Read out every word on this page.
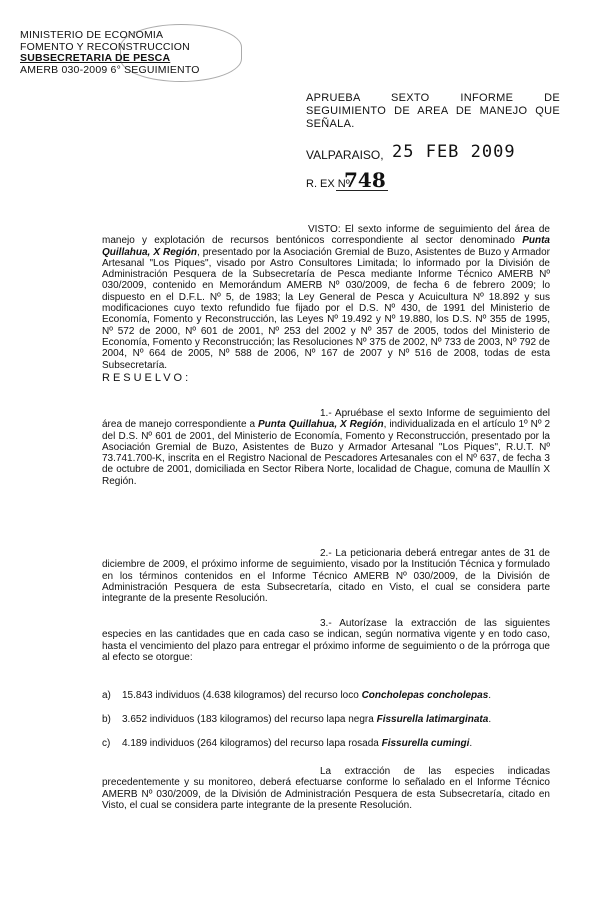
MINISTERIO DE ECONOMIA
FOMENTO Y RECONSTRUCCION
SUBSECRETARIA DE PESCA
AMERB 030-2009 6° SEGUIMIENTO
APRUEBA SEXTO INFORME DE SEGUIMIENTO DE AREA DE MANEJO QUE SEÑALA.
VALPARAISO, 25 FEB 2009
R. EX Nº
748
VISTO: El sexto informe de seguimiento del área de manejo y explotación de recursos bentónicos correspondiente al sector denominado Punta Quillahua, X Región, presentado por la Asociación Gremial de Buzo, Asistentes de Buzo y Armador Artesanal "Los Piques", visado por Astro Consultores Limitada; lo informado por la División de Administración Pesquera de la Subsecretaría de Pesca mediante Informe Técnico AMERB Nº 030/2009, contenido en Memorándum AMERB Nº 030/2009, de fecha 6 de febrero 2009; lo dispuesto en el D.F.L. Nº 5, de 1983; la Ley General de Pesca y Acuicultura Nº 18.892 y sus modificaciones cuyo texto refundido fue fijado por el D.S. Nº 430, de 1991 del Ministerio de Economía, Fomento y Reconstrucción, las Leyes Nº 19.492 y Nº 19.880, los D.S. Nº 355 de 1995, Nº 572 de 2000, Nº 601 de 2001, Nº 253 del 2002 y Nº 357 de 2005, todos del Ministerio de Economía, Fomento y Reconstrucción; las Resoluciones Nº 375 de 2002, Nº 733 de 2003, Nº 792 de 2004, Nº 664 de 2005, Nº 588 de 2006, Nº 167 de 2007 y Nº 516 de 2008, todas de esta Subsecretaría.
RESUELVO:
1.- Apruébase el sexto Informe de seguimiento del área de manejo correspondiente a Punta Quillahua, X Región, individualizada en el artículo 1º Nº 2 del D.S. Nº 601 de 2001, del Ministerio de Economía, Fomento y Reconstrucción, presentado por la Asociación Gremial de Buzo, Asistentes de Buzo y Armador Artesanal "Los Piques", R.U.T. Nº 73.741.700-K, inscrita en el Registro Nacional de Pescadores Artesanales con el Nº 637, de fecha 3 de octubre de 2001, domiciliada en Sector Ribera Norte, localidad de Chaguе, comuna de Maullín X Región.
2.- La peticionaria deberá entregar antes de 31 de diciembre de 2009, el próximo informe de seguimiento, visado por la Institución Técnica y formulado en los términos contenidos en el Informe Técnico AMERB Nº 030/2009, de la División de Administración Pesquera de esta Subsecretaría, citado en Visto, el cual se considera parte integrante de la presente Resolución.
3.- Autorízase la extracción de las siguientes especies en las cantidades que en cada caso se indican, según normativa vigente y en todo caso, hasta el vencimiento del plazo para entregar el próximo informe de seguimiento o de la prórroga que al efecto se otorgue:
a) 15.843 individuos (4.638 kilogramos) del recurso loco Concholepas concholepas.
b) 3.652 individuos (183 kilogramos) del recurso lapa negra Fissurella latimarginata.
c) 4.189 individuos (264 kilogramos) del recurso lapa rosada Fissurella cumingi.
La extracción de las especies indicadas precedentemente y su monitoreo, deberá efectuarse conforme lo señalado en el Informe Técnico AMERB Nº 030/2009, de la División de Administración Pesquera de esta Subsecretaría, citado en Visto, el cual se considera parte integrante de la presente Resolución.
